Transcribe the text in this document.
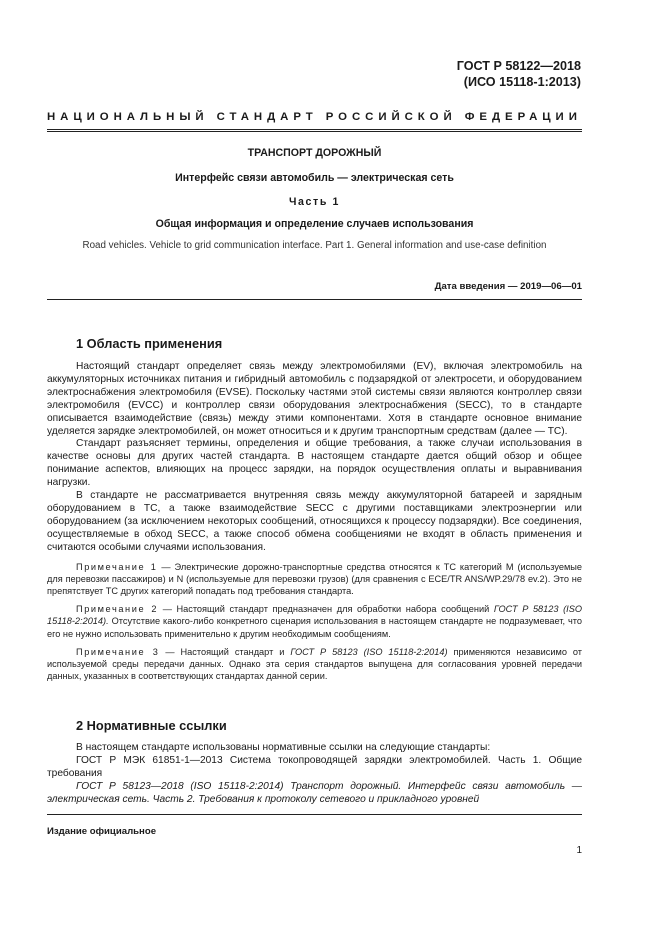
ГОСТ Р 58122—2018
(ИСО 15118-1:2013)
НАЦИОНАЛЬНЫЙ СТАНДАРТ РОССИЙСКОЙ ФЕДЕРАЦИИ
ТРАНСПОРТ ДОРОЖНЫЙ
Интерфейс связи автомобиль — электрическая сеть
Часть 1
Общая информация и определение случаев использования
Road vehicles. Vehicle to grid communication interface. Part 1. General information and use-case definition
Дата введения — 2019—06—01
1 Область применения

Настоящий стандарт определяет связь между электромобилями (EV), включая электромобиль на аккумуляторных источниках питания и гибридный автомобиль с подзарядкой от электросети, и оборудованием электроснабжения электромобиля (EVSE). Поскольку частями этой системы связи являются контроллер связи электромобиля (EVCC) и контроллер связи оборудования электроснабжения (SECC), то в стандарте описывается взаимодействие (связь) между этими компонентами. Хотя в стандарте основное внимание уделяется зарядке электромобилей, он может относиться и к другим транспортным средствам (далее — ТС).

Стандарт разъясняет термины, определения и общие требования, а также случаи использования в качестве основы для других частей стандарта. В настоящем стандарте дается общий обзор и общее понимание аспектов, влияющих на процесс зарядки, на порядок осуществления оплаты и выравнивания нагрузки.

В стандарте не рассматривается внутренняя связь между аккумуляторной батареей и зарядным оборудованием в ТС, а также взаимодействие SECC с другими поставщиками электроэнергии или оборудованием (за исключением некоторых сообщений, относящихся к процессу подзарядки). Все соединения, осуществляемые в обход SECC, а также способ обмена сообщениями не входят в область применения и считаются особыми случаями использования.

Примечание 1 — Электрические дорожно-транспортные средства относятся к ТС категорий М (используемые для перевозки пассажиров) и N (используемые для перевозки грузов) (для сравнения с ECE/TR ANS/WP.29/78 ev.2). Это не препятствует ТС других категорий попадать под требования стандарта.

Примечание 2 — Настоящий стандарт предназначен для обработки набора сообщений ГОСТ Р 58123 (ISO 15118-2:2014). Отсутствие какого-либо конкретного сценария использования в настоящем стандарте не подразумевает, что его не нужно использовать применительно к другим необходимым сообщениям.

Примечание 3 — Настоящий стандарт и ГОСТ Р 58123 (ISO 15118-2:2014) применяются независимо от используемой среды передачи данных. Однако эта серия стандартов выпущена для согласования уровней передачи данных, указанных в соответствующих стандартах данной серии.

2 Нормативные ссылки

В настоящем стандарте использованы нормативные ссылки на следующие стандарты:

ГОСТ Р МЭК 61851-1—2013 Система токопроводящей зарядки электромобилей. Часть 1. Общие требования

ГОСТ Р 58123—2018 (ISO 15118-2:2014) Транспорт дорожный. Интерфейс связи автомобиль — электрическая сеть. Часть 2. Требования к протоколу сетевого и прикладного уровней

Издание официальное
1
